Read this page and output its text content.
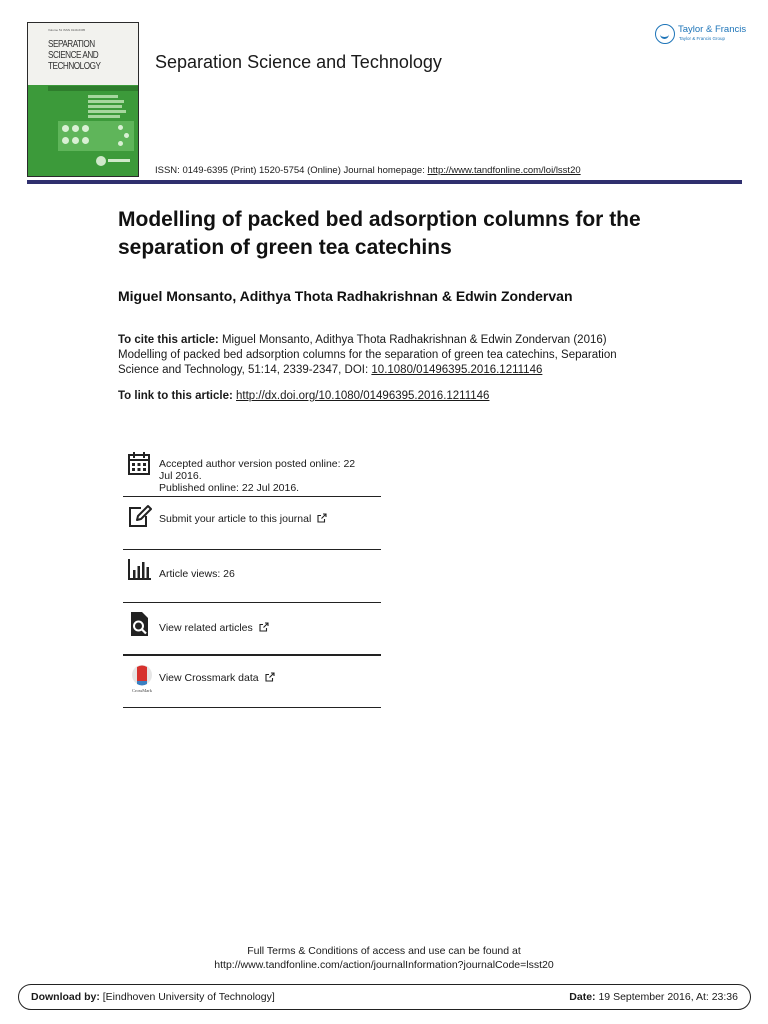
Volume 51 ISSN 0149-6395
SEPARATION SCIENCE AND TECHNOLOGY	Separation Science and Technology
Taylor & Francis
Taylor & Francis Group
ISSN: 0149-6395 (Print) 1520-5754 (Online) Journal homepage: http://www.tandfonline.com/loi/lsst20
Modelling of packed bed adsorption columns for the separation of green tea catechins
Miguel Monsanto, Adithya Thota Radhakrishnan & Edwin Zondervan
To cite this article: Miguel Monsanto, Adithya Thota Radhakrishnan & Edwin Zondervan (2016) Modelling of packed bed adsorption columns for the separation of green tea catechins, Separation Science and Technology, 51:14, 2339-2347, DOI: 10.1080/01496395.2016.1211146
To link to this article: http://dx.doi.org/10.1080/01496395.2016.1211146
Accepted author version posted online: 22
Jul 2016.
Published online: 22 Jul 2016.
Submit your article to this journal
Article views: 26
View related articles
CrossMark
View Crossmark data
Full Terms & Conditions of access and use can be found at
http://www.tandfonline.com/action/journalInformation?journalCode=lsst20
Download by: [Eindhoven University of Technology]	Date: 19 September 2016, At: 23:36
